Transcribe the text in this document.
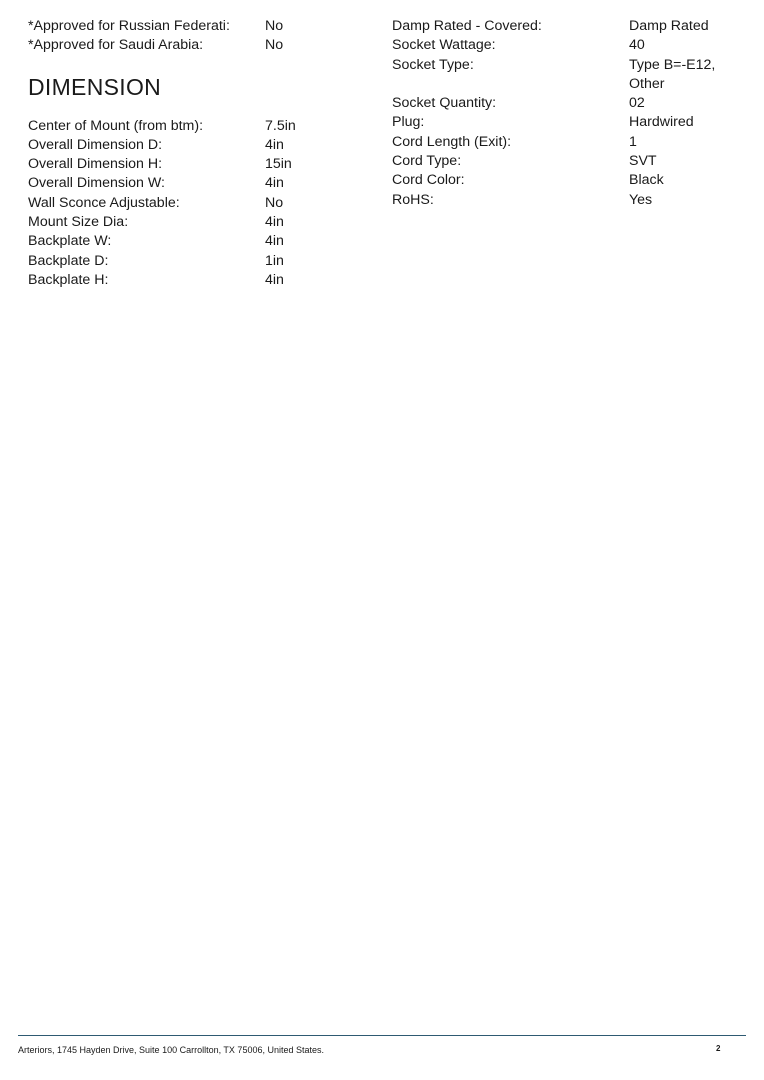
*Approved for Russian Federati:	No
*Approved for Saudi Arabia:	No
DIMENSION
Center of Mount (from btm):	7.5in
Overall Dimension D:	4in
Overall Dimension H:	15in
Overall Dimension W:	4in
Wall Sconce Adjustable:	No
Mount Size Dia:	4in
Backplate W:	4in
Backplate D:	1in
Backplate H:	4in
Damp Rated - Covered:	Damp Rated
Socket Wattage:	40
Socket Type:	Type B=-E12,
Other
Socket Quantity:	02
Plug:	Hardwired
Cord Length (Exit):	1
Cord Type:	SVT
Cord Color:	Black
RoHS:	Yes
Arteriors, 1745 Hayden Drive, Suite 100 Carrollton, TX 75006, United States.	2
